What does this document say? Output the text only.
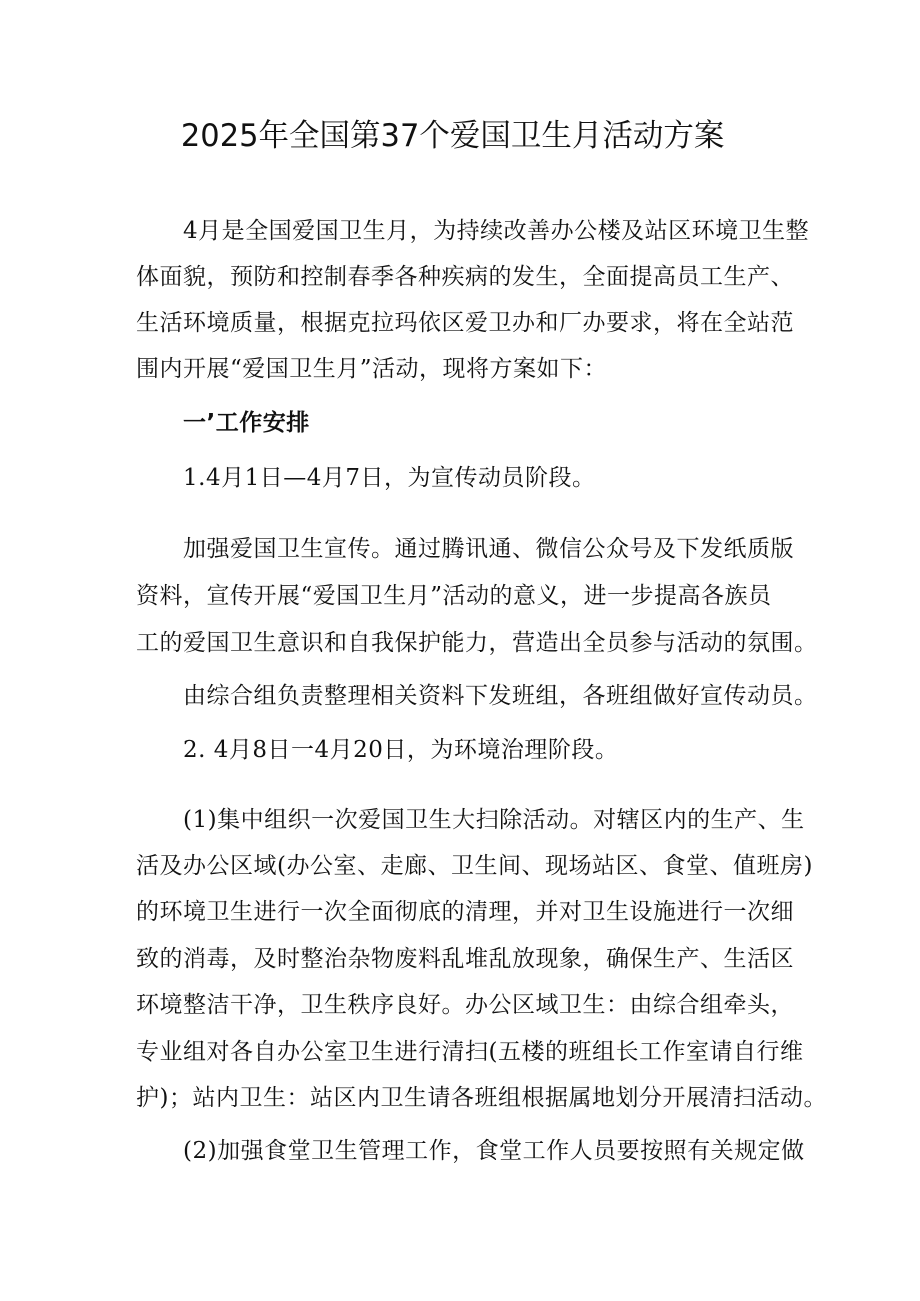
2025年全国第37个爱国卫生月活动方案
4月是全国爱国卫生月，为持续改善办公楼及站区环境卫生整
体面貌，预防和控制春季各种疾病的发生，全面提高员工生产、
生活环境质量，根据克拉玛依区爱卫办和厂办要求，将在全站范
围内开展“爱国卫生月”活动，现将方案如下：
一’工作安排
1.4月1日—4月7日，为宣传动员阶段。
加强爱国卫生宣传。通过腾讯通、微信公众号及下发纸质版
资料，宣传开展“爱国卫生月”活动的意义，进一步提高各族员
工的爱国卫生意识和自我保护能力，营造出全员参与活动的氛围。
由综合组负责整理相关资料下发班组，各班组做好宣传动员。
2. 4月8日一4月20日，为环境治理阶段。
(1)集中组织一次爱国卫生大扫除活动。对辖区内的生产、生
活及办公区域(办公室、走廊、卫生间、现场站区、食堂、值班房)
的环境卫生进行一次全面彻底的清理，并对卫生设施进行一次细
致的消毒，及时整治杂物废料乱堆乱放现象，确保生产、生活区
环境整洁干净，卫生秩序良好。办公区域卫生：由综合组牵头，
专业组对各自办公室卫生进行清扫(五楼的班组长工作室请自行维
护)；站内卫生：站区内卫生请各班组根据属地划分开展清扫活动。
(2)加强食堂卫生管理工作，食堂工作人员要按照有关规定做
